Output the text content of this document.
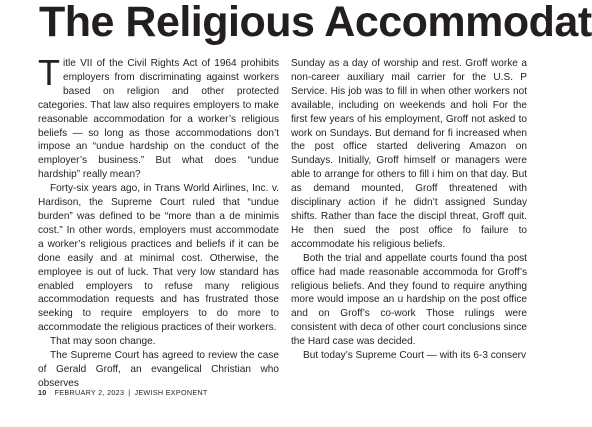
The Religious Accommodat

Title VII of the Civil Rights Act of 1964 prohibits employers from discriminating against workers based on religion and other protected categories. That law also requires employers to make reasonable accommodation for a worker’s religious beliefs — so long as those accommodations don’t impose an “undue hardship on the conduct of the employer’s business.” But what does “undue hardship” really mean?

Forty-six years ago, in Trans World Airlines, Inc. v. Hardison, the Supreme Court ruled that “undue burden” was defined to be “more than a de minimis cost.” In other words, employers must accommodate a worker’s religious practices and beliefs if it can be done easily and at minimal cost. Otherwise, the employee is out of luck. That very low standard has enabled employers to refuse many religious accommodation requests and has frustrated those seeking to require employers to do more to accommodate the religious practices of their workers.

That may soon change.

The Supreme Court has agreed to review the case of Gerald Groff, an evangelical Christian who observes

Sunday as a day of worship and rest. Groff worke a non-career auxiliary mail carrier for the U.S. P Service. His job was to fill in when other workers not available, including on weekends and holi For the first few years of his employment, Groff not asked to work on Sundays. But demand for fi increased when the post office started delivering Amazon on Sundays. Initially, Groff himself or managers were able to arrange for others to fill i him on that day. But as demand mounted, Groff threatened with disciplinary action if he didn’t assigned Sunday shifts. Rather than face the discipl threat, Groff quit. He then sued the post office fo failure to accommodate his religious beliefs.

Both the trial and appellate courts found tha post office had made reasonable accommoda for Groff’s religious beliefs. And they found to require anything more would impose an u hardship on the post office and on Groff’s co-work Those rulings were consistent with deca of other court conclusions since the Hard case was decided.

But today’s Supreme Court — with its 6-3 conserv

10 FEBRUARY 2, 2023 | JEWISH EXPONENT
